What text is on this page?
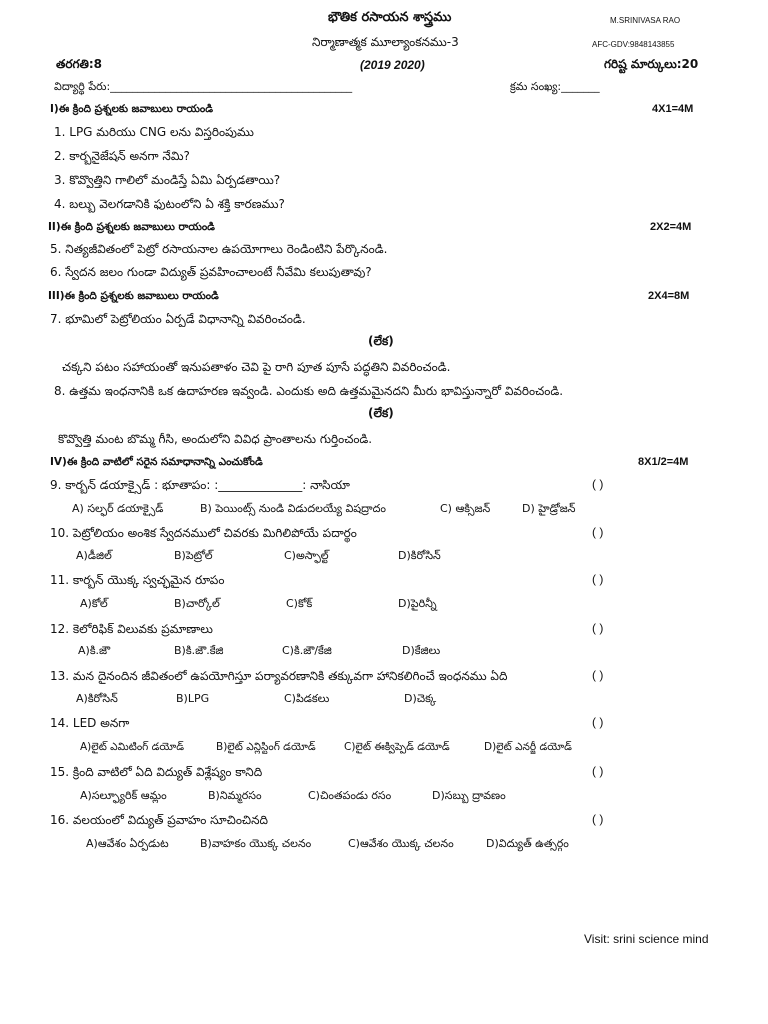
భౌతిక రసాయన శాస్త్రము	M.SRINIVASA RAO
నిర్మాణాత్మక మూల్యాంకనము-3	AFC-GDV:9848143855
తరగతి:8	(2019 2020)	గరిష్ట మార్కులు:20
విద్యార్థి పేరు:____________________________________________	క్రమ సంఖ్య:_______
I)ఈ క్రింది ప్రశ్నలకు జవాబులు రాయండి	4X1=4M
1. LPG మరియు CNG లను విస్తరింపుము
2. కార్బనైజేషన్ అనగా నేమి?
3. కొవ్వొత్తిని గాలిలో మండిస్తే ఏమి ఏర్పడతాయి?
4. బల్బు వెలగడానికి ఫుటంలోని ఏ శక్తి కారణము?
II)ఈ క్రింది ప్రశ్నలకు జవాబులు రాయండి	2X2=4M
5. నిత్యజీవితంలో పెట్రో రసాయనాల ఉపయోగాలు రెండింటిని పేర్కొనండి.
6. స్వేదన జలం గుండా విద్యుత్ ప్రవహించాలంటే నీవేమి కలుపుతావు?
III)ఈ క్రింది ప్రశ్నలకు జవాబులు రాయండి	2X4=8M
7. భూమిలో పెట్రోలియం ఏర్పడే విధానాన్ని వివరించండి.
(లేక)
చక్కని పటం సహాయంతో ఇనుపతాళం చెవి పై రాగి పూత పూసే పద్ధతిని వివరించండి.
8. ఉత్తమ ఇంధనానికి ఒక ఉదాహరణ ఇవ్వండి. ఎందుకు అది ఉత్తమమైనదని మీరు భావిస్తున్నారో వివరించండి.
(లేక)
కొవ్వొత్తి మంట బొమ్మ గీసి, అందులోని వివిధ ప్రాంతాలను గుర్తించండి.
IV)ఈ క్రింది వాటిలో సరైన సమాధానాన్ని ఎంచుకోండి	8X1/2=4M
9. కార్బన్ డయాక్సైడ్ : భూతాపం: :______________: నాసియా	( )
A) సల్ఫర్ డయాక్సైడ్	B) పెయింట్స్ నుండి విడుదలయ్యే విషద్రాదం	C) ఆక్సిజన్	D) హైడ్రోజన్
10. పెట్రోలియం అంశిక స్వేదనములో చివరకు మిగిలిపోయే పదార్థం	( )
A)డీజిల్	B)పెట్రోల్	C)అస్ఫాల్ట్	D)కిరోసిన్
11. కార్బన్ యొక్క స్వచ్ఛమైన రూపం	( )
A)కోల్	B)చార్కోల్	C)కోక్	D)పైరిన్నీ
12. కెలోరిఫిక్ విలువకు ప్రమాణాలు	( )
A)కి.జౌ	B)కి.జౌ.కేజి	C)కి.జౌ/కేజి	D)కేజిలు
13. మన దైనందిన జీవితంలో ఉపయోగిస్తూ పర్యావరణానికి తక్కువగా హానికలిగించే ఇంధనము ఏది	( )
A)కిరోసిన్	B)LPG	C)పిడకలు	D)చెక్క
14. LED అనగా	( )
A)లైట్ ఎమిటింగ్ డయోడ్	B)లైట్ ఎన్లిస్టింగ్ డయోడ్	C)లైట్ ఈక్విప్పెడ్ డయోడ్	D)లైట్ ఎనర్జీ డయోడ్
15. క్రింది వాటిలో ఏది విద్యుత్ విశ్లేష్యం కానిది	( )
A)సల్ఫ్యూరిక్ ఆమ్లం	B)నిమ్మరసం	C)చింతపండు రసం	D)సబ్బు ద్రావణం
16. వలయంలో విద్యుత్ ప్రవాహం సూచించినది	( )
A)ఆవేశం ఏర్పడుట	B)వాహకం యొక్క చలనం	C)ఆవేశం యొక్క చలనం	D)విద్యుత్ ఉత్సర్గం
Visit: srini science mind
